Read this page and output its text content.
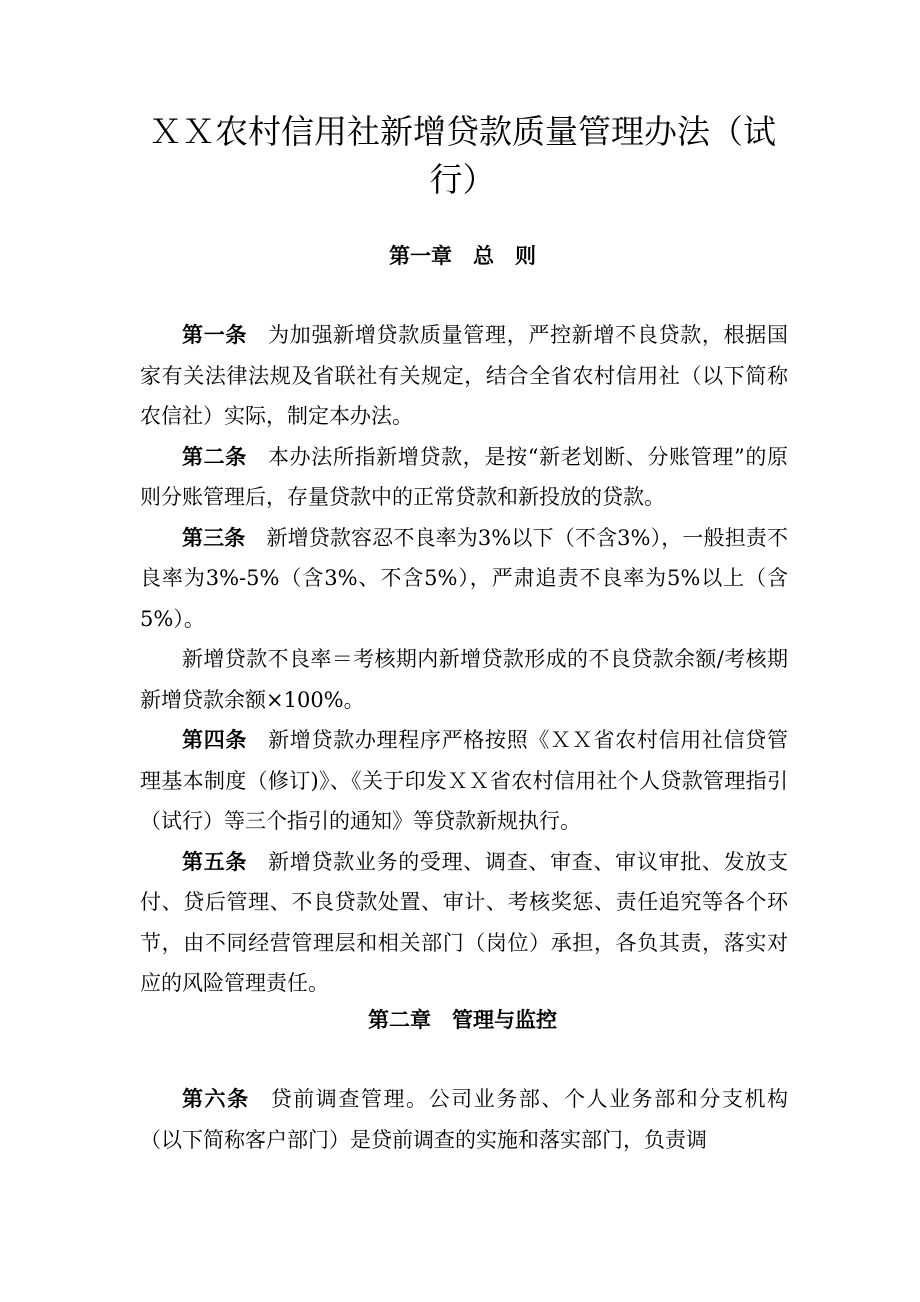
ＸＸ农村信用社新增贷款质量管理办法（试行）
第一章　总　则

第一条 为加强新增贷款质量管理，严控新增不良贷款，根据国家有关法律法规及省联社有关规定，结合全省农村信用社（以下简称农信社）实际，制定本办法。

第二条 本办法所指新增贷款，是按“新老划断、分账管理”的原则分账管理后，存量贷款中的正常贷款和新投放的贷款。

第三条 新增贷款容忍不良率为3%以下（不含3%），一般担责不良率为3%-5%（含3%、不含5%），严肃追责不良率为5%以上（含5%）。

新增贷款不良率＝考核期内新增贷款形成的不良贷款余额/考核期新增贷款余额×100%。

第四条 新增贷款办理程序严格按照《ＸＸ省农村信用社信贷管理基本制度（修订)》、《关于印发ＸＸ省农村信用社个人贷款管理指引（试行）等三个指引的通知》等贷款新规执行。

第五条 新增贷款业务的受理、调查、审查、审议审批、发放支付、贷后管理、不良贷款处置、审计、考核奖惩、责任追究等各个环节，由不同经营管理层和相关部门（岗位）承担，各负其责，落实对应的风险管理责任。

第二章　管理与监控

第六条 贷前调查管理。公司业务部、个人业务部和分支机构（以下简称客户部门）是贷前调查的实施和落实部门，负责调
